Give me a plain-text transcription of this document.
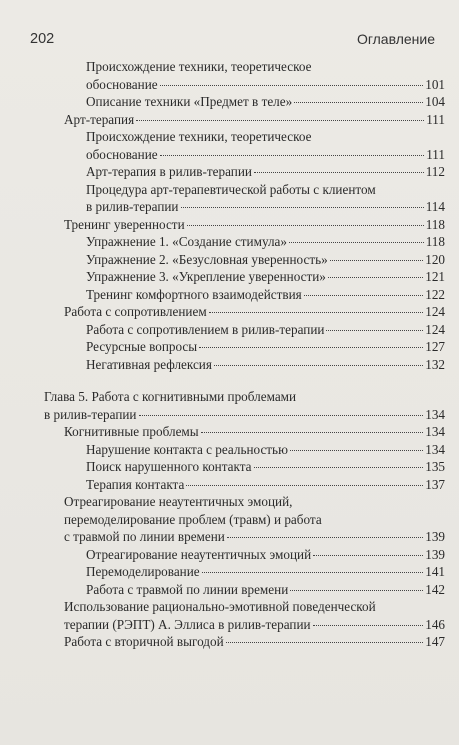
202	Оглавление
Происхождение техники, теоретическое
обоснование	101
Описание техники «Предмет в теле»	104
Арт-терапия	111
Происхождение техники, теоретическое
обоснование	111
Арт-терапия в рилив-терапии	112
Процедура арт-терапевтической работы с клиентом
в рилив-терапии	114
Тренинг уверенности	118
Упражнение 1. «Создание стимула»	118
Упражнение 2. «Безусловная уверенность»	120
Упражнение 3. «Укрепление уверенности»	121
Тренинг комфортного взаимодействия	122
Работа с сопротивлением	124
Работа с сопротивлением в рилив-терапии	124
Ресурсные вопросы	127
Негативная рефлексия	132
Глава 5. Работа с когнитивными проблемами
в рилив-терапии	134
Когнитивные проблемы	134
Нарушение контакта с реальностью	134
Поиск нарушенного контакта	135
Терапия контакта	137
Отреагирование неаутентичных эмоций,
перемоделирование проблем (травм) и работа
с травмой по линии времени	139
Отреагирование неаутентичных эмоций	139
Перемоделирование	141
Работа с травмой по линии времени	142
Использование рационально-эмотивной поведенческой
терапии (РЭПТ) А. Эллиса в рилив-терапии	146
Работа с вторичной выгодой	147
